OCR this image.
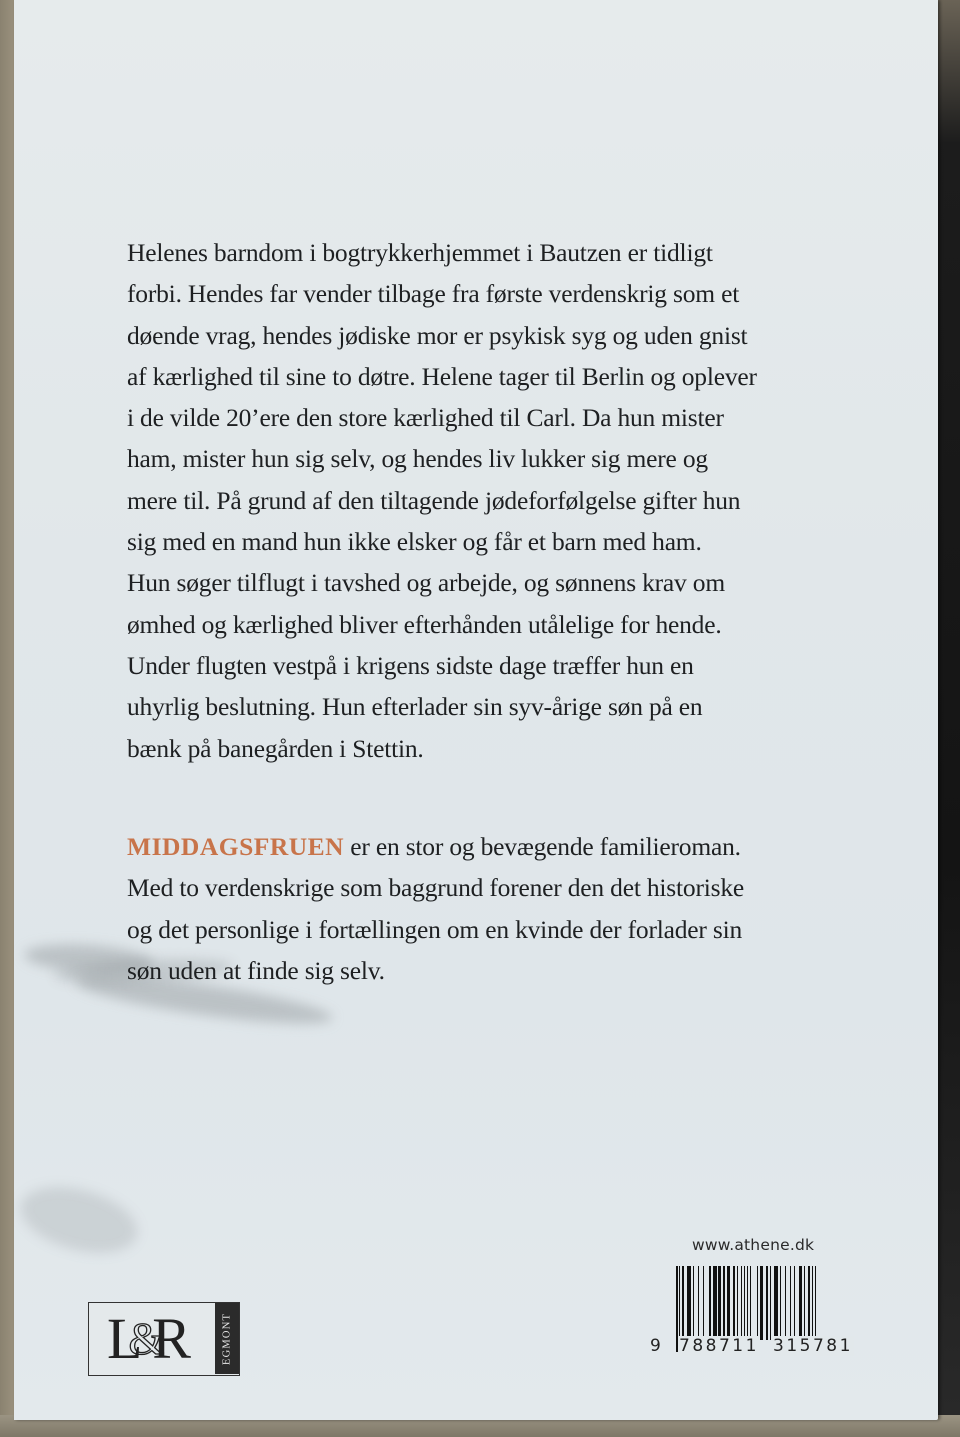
Helenes barndom i bogtrykkerhjemmet i Bautzen er tidligt
forbi. Hendes far vender tilbage fra første verdenskrig som et
døende vrag, hendes jødiske mor er psykisk syg og uden gnist
af kærlighed til sine to døtre. Helene tager til Berlin og oplever
i de vilde 20’ere den store kærlighed til Carl. Da hun mister
ham, mister hun sig selv, og hendes liv lukker sig mere og
mere til. På grund af den tiltagende jødeforfølgelse gifter hun
sig med en mand hun ikke elsker og får et barn med ham.
Hun søger tilflugt i tavshed og arbejde, og sønnens krav om
ømhed og kærlighed bliver efterhånden utålelige for hende.
Under flugten vestpå i krigens sidste dage træffer hun en
uhyrlig beslutning. Hun efterlader sin syv-årige søn på en
bænk på banegården i Stettin.
MIDDAGSFRUEN er en stor og bevægende familieroman.
Med to verdenskrige som baggrund forener den det historiske
og det personlige i fortællingen om en kvinde der forlader sin
søn uden at finde sig selv.
www.athene.dk
9 788711 315781
L&R	EGMONT
